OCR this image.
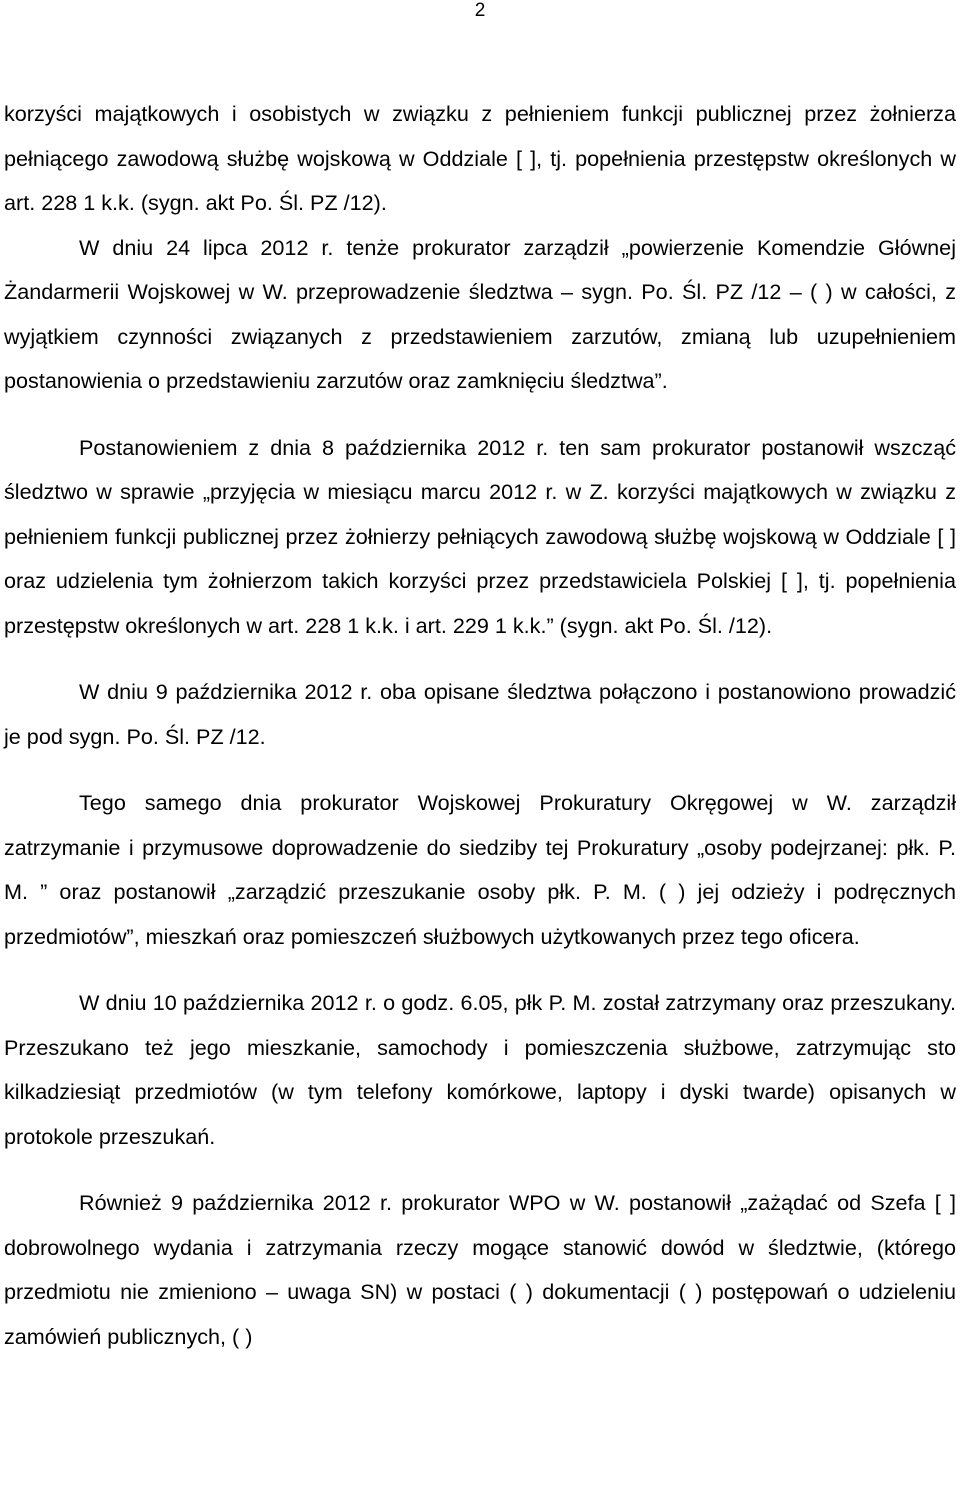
2

korzyści majątkowych i osobistych w związku z pełnieniem funkcji publicznej przez żołnierza pełniącego zawodową służbę wojskową w Oddziale [ ], tj. popełnienia przestępstw określonych w art. 228 1 k.k. (sygn. akt Po. Śl. PZ /12).

W dniu 24 lipca 2012 r. tenże prokurator zarządził „powierzenie Komendzie Głównej Żandarmerii Wojskowej w W. przeprowadzenie śledztwa – sygn. Po. Śl. PZ /12 – ( ) w całości, z wyjątkiem czynności związanych z przedstawieniem zarzutów, zmianą lub uzupełnieniem postanowienia o przedstawieniu zarzutów oraz zamknięciu śledztwa”.

Postanowieniem z dnia 8 października 2012 r. ten sam prokurator postanowił wszcząć śledztwo w sprawie „przyjęcia w miesiącu marcu 2012 r. w Z. korzyści majątkowych w związku z pełnieniem funkcji publicznej przez żołnierzy pełniących zawodową służbę wojskową w Oddziale [ ] oraz udzielenia tym żołnierzom takich korzyści przez przedstawiciela Polskiej [ ], tj. popełnienia przestępstw określonych w art. 228 1 k.k. i art. 229 1 k.k.” (sygn. akt Po. Śl. /12).

W dniu 9 października 2012 r. oba opisane śledztwa połączono i postanowiono prowadzić je pod sygn. Po. Śl. PZ /12.

Tego samego dnia prokurator Wojskowej Prokuratury Okręgowej w W. zarządził zatrzymanie i przymusowe doprowadzenie do siedziby tej Prokuratury „osoby podejrzanej: płk. P. M. ” oraz postanowił „zarządzić przeszukanie osoby płk. P. M. ( ) jej odzieży i podręcznych przedmiotów”, mieszkań oraz pomieszczeń służbowych użytkowanych przez tego oficera.

W dniu 10 października 2012 r. o godz. 6.05, płk P. M. został zatrzymany oraz przeszukany. Przeszukano też jego mieszkanie, samochody i pomieszczenia służbowe, zatrzymując sto kilkadziesiąt przedmiotów (w tym telefony komórkowe, laptopy i dyski twarde) opisanych w protokole przeszukań.

Również 9 października 2012 r. prokurator WPO w W. postanowił „zażądać od Szefa [ ] dobrowolnego wydania i zatrzymania rzeczy mogące stanowić dowód w śledztwie, (którego przedmiotu nie zmieniono – uwaga SN) w postaci ( ) dokumentacji ( ) postępowań o udzieleniu zamówień publicznych, ( )
